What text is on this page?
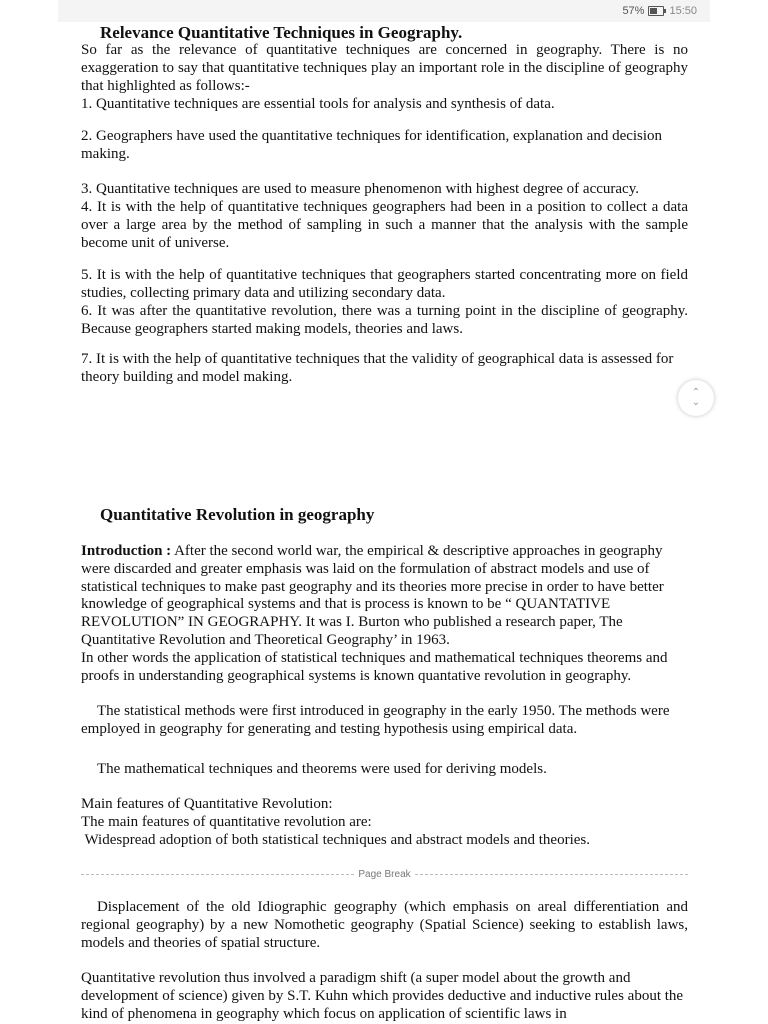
57% 15:50
Relevance Quantitative Techniques in Geography.

So far as the relevance of quantitative techniques are concerned in geography. There is no exaggeration to say that quantitative techniques play an important role in the discipline of geography that highlighted as follows:-

1. Quantitative techniques are essential tools for analysis and synthesis of data.

2. Geographers have used the quantitative techniques for identification, explanation and decision making.

3. Quantitative techniques are used to measure phenomenon with highest degree of accuracy.

4. It is with the help of quantitative techniques geographers had been in a position to collect a data over a large area by the method of sampling in such a manner that the analysis with the sample become unit of universe.

5. It is with the help of quantitative techniques that geographers started concentrating more on field studies, collecting primary data and utilizing secondary data.

6. It was after the quantitative revolution, there was a turning point in the discipline of geography. Because geographers started making models, theories and laws.

7. It is with the help of quantitative techniques that the validity of geographical data is assessed for theory building and model making.

Quantitative Revolution in geography

Introduction : After the second world war, the empirical & descriptive approaches in geography were discarded and greater emphasis was laid on the formulation of abstract models and use of statistical techniques to make past geography and its theories more precise in order to have better knowledge of geographical systems and that is process is known to be “ QUANTATIVE REVOLUTION” IN GEOGRAPHY. It was I. Burton who published a research paper, The Quantitative Revolution and Theoretical Geography’ in 1963.

In other words the application of statistical techniques and mathematical techniques theorems and proofs in understanding geographical systems is known quantative revolution in geography.

The statistical methods were first introduced in geography in the early 1950. The methods were employed in geography for generating and testing hypothesis using empirical data.

The mathematical techniques and theorems were used for deriving models.

Main features of Quantitative Revolution:

The main features of quantitative revolution are:

Widespread adoption of both statistical techniques and abstract models and theories.

Displacement of the old Idiographic geography (which emphasis on areal differentiation and regional geography) by a new Nomothetic geography (Spatial Science) seeking to establish laws, models and theories of spatial structure.

Quantitative revolution thus involved a paradigm shift (a super model about the growth and development of science) given by S.T. Kuhn which provides deductive and inductive rules about the kind of phenomena in geography which focus on application of scientific laws in

Page Break
⌃
⌄
